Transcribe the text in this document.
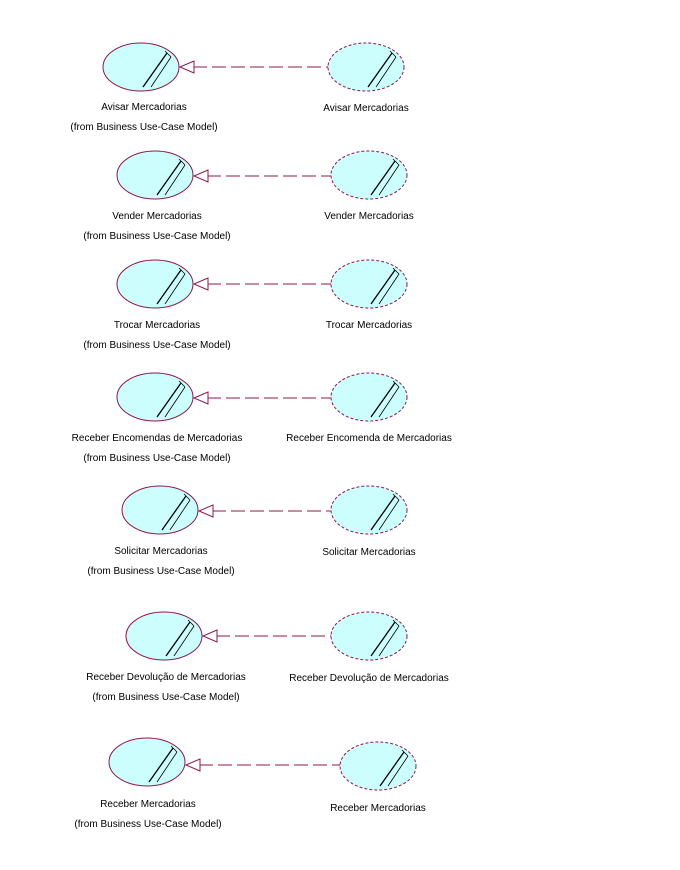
Avisar Mercadorias
(from Business Use-Case Model)
Avisar Mercadorias
Vender Mercadorias
(from Business Use-Case Model)
Vender Mercadorias
Trocar Mercadorias
(from Business Use-Case Model)
Trocar Mercadorias
Receber Encomendas de Mercadorias
(from Business Use-Case Model)
Receber Encomenda de Mercadorias
Solicitar Mercadorias
(from Business Use-Case Model)
Solicitar Mercadorias
Receber Devolução de Mercadorias
(from Business Use-Case Model)
Receber Devolução de Mercadorias
Receber Mercadorias
(from Business Use-Case Model)
Receber Mercadorias
